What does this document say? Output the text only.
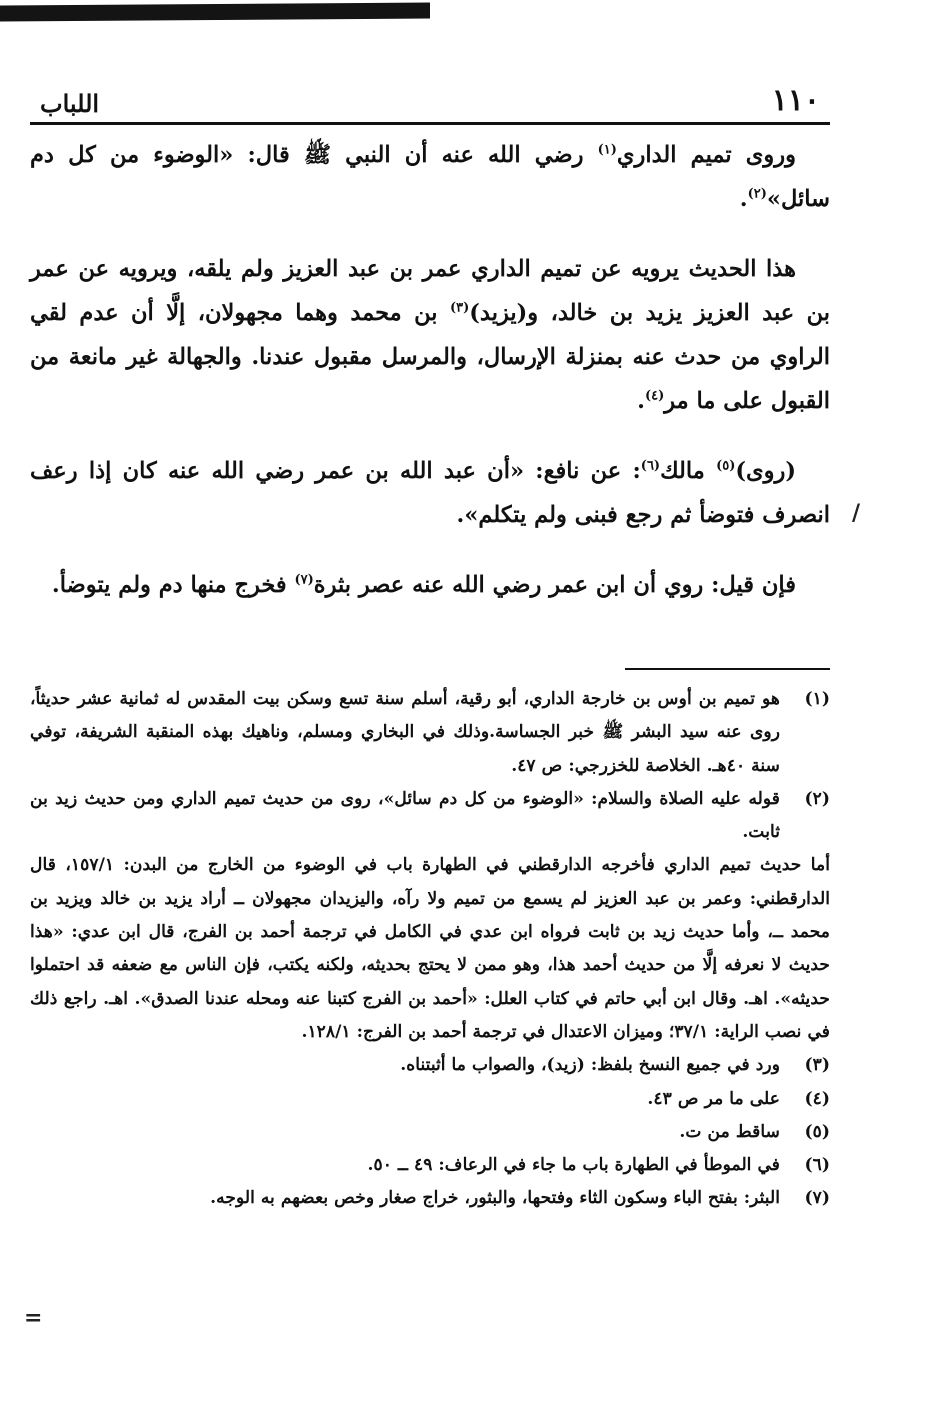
١١٠
اللباب

وروى تميم الداري$^{(١)}$ رضي الله عنه أن النبي ﷺ قال: «الوضوء من كل دم سائل»$^{(٢)}$.

هذا الحديث يرويه عن تميم الداري عمر بن عبد العزيز ولم يلقه، ويرويه عن عمر بن عبد العزيز يزيد بن خالد، و(يزيد)$^{(٣)}$ بن محمد وهما مجهولان، إلَّا أن عدم لقي الراوي من حدث عنه بمنزلة الإرسال، والمرسل مقبول عندنا. والجهالة غير مانعة من القبول على ما مر$^{(٤)}$.

(روى)$^{(٥)}$ مالك$^{(٦)}$: عن نافع: «أن عبد الله بن عمر رضي الله عنه كان إذا رعف انصرف فتوضأ ثم رجع فبنى ولم يتكلم».

فإن قيل: روي أن ابن عمر رضي الله عنه عصر بثرة$^{(٧)}$ فخرج منها دم ولم يتوضأ.

(١)
هو تميم بن أوس بن خارجة الداري، أبو رقية، أسلم سنة تسع وسكن بيت المقدس له ثمانية عشر حديثاً، روى عنه سيد البشر ﷺ خبر الجساسة.وذلك في البخاري ومسلم، وناهيك بهذه المنقبة الشريفة، توفي سنة ٤٠هـ. الخلاصة للخزرجي: ص ٤٧.
(٢)
قوله عليه الصلاة والسلام: «الوضوء من كل دم سائل»، روى من حديث تميم الداري ومن حديث زيد بن ثابت.
أما حديث تميم الداري فأخرجه الدارقطني في الطهارة باب في الوضوء من الخارج من البدن: ١٥٧/١، قال الدارقطني: وعمر بن عبد العزيز لم يسمع من تميم ولا رآه، واليزيدان مجهولان ــ أراد يزيد بن خالد ويزيد بن محمد ــ، وأما حديث زيد بن ثابت فرواه ابن عدي في الكامل في ترجمة أحمد بن الفرج، قال ابن عدي: «هذا حديث لا نعرفه إلَّا من حديث أحمد هذا، وهو ممن لا يحتج بحديثه، ولكنه يكتب، فإن الناس مع ضعفه قد احتملوا حديثه». اهـ. وقال ابن أبي حاتم في كتاب العلل: «أحمد بن الفرج كتبنا عنه ومحله عندنا الصدق». اهـ. راجع ذلك في نصب الراية: ٣٧/١؛ وميزان الاعتدال في ترجمة أحمد بن الفرج: ١٢٨/١.
(٣)
ورد في جميع النسخ بلفظ: (زيد)، والصواب ما أثبتناه.
(٤)
على ما مر ص ٤٣.
(٥)
ساقط من ت.
(٦)
في الموطأ في الطهارة باب ما جاء في الرعاف: ٤٩ ــ ٥٠.
(٧)
البثر: بفتح الباء وسكون الثاء وفتحها، والبثور، خراج صغار وخص بعضهم به الوجه.
/
=
